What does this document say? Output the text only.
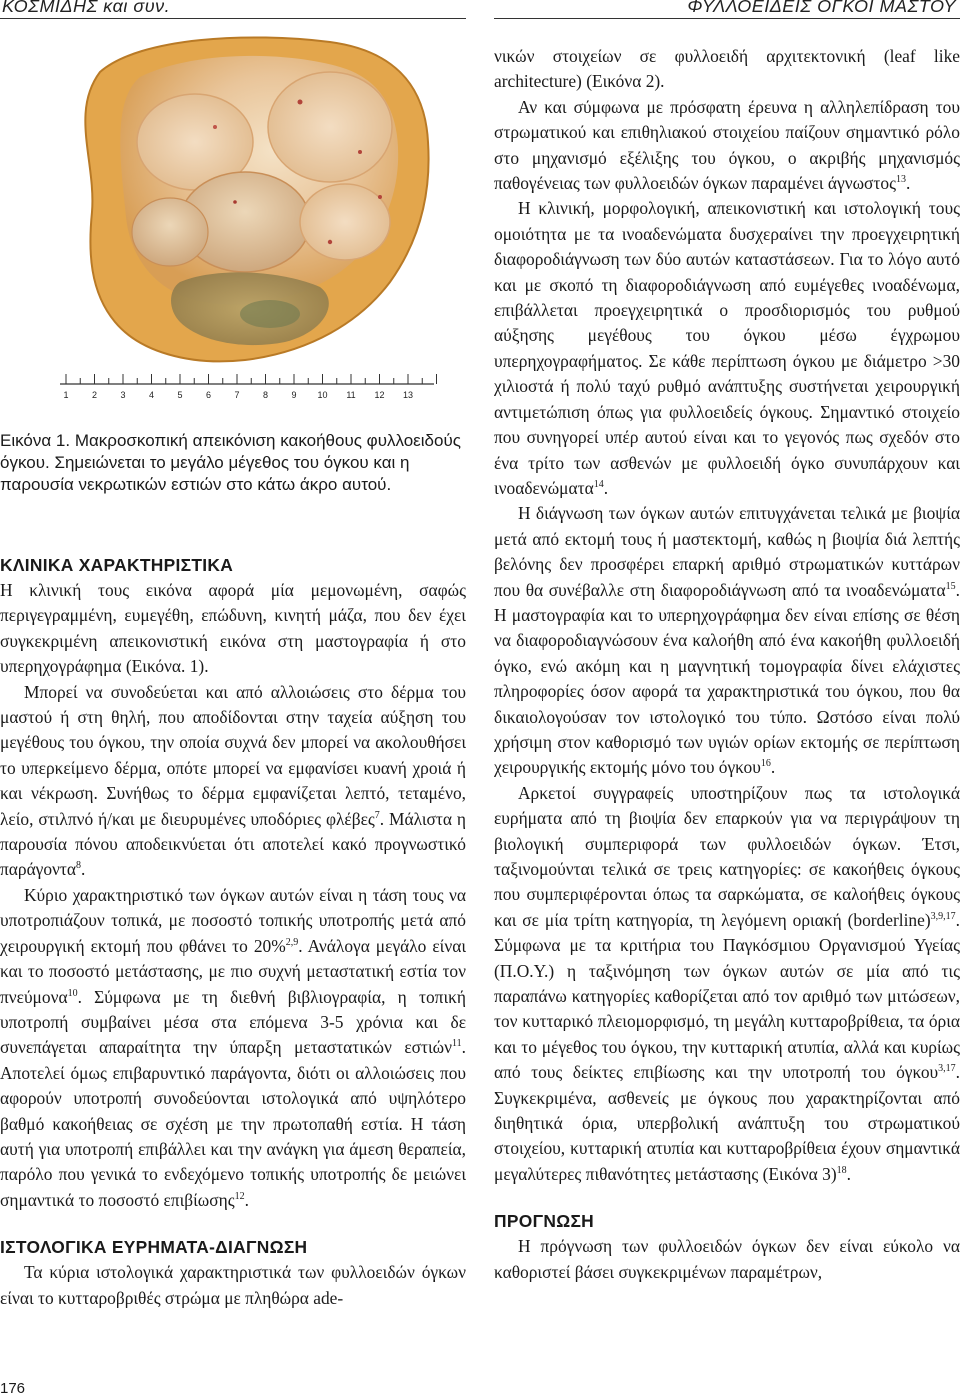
ΚΟΣΜΙΔΗΣ και συν.	ΦΥΛΛΟΕΙΔΕΙΣ ΟΓΚΟΙ ΜΑΣΤΟΥ
1	2	3	4	5	6	7	8	9 10 11 12 13
Εικόνα 1. Μακροσκοπική απεικόνιση κακοήθους φυλλοειδούς όγκου. Σημειώνεται το μεγάλο μέγεθος του όγκου και η παρουσία νεκρωτικών εστιών στο κάτω άκρο αυτού.
ΚΛΙΝΙΚΑ ΧΑΡΑΚΤΗΡΙΣΤΙΚΑ

Η κλινική τους εικόνα αφορά μία μεμονωμένη, σαφώς περιγεγραμμένη, ευμεγέθη, επώδυνη, κινητή μάζα, που δεν έχει συγκεκριμένη απεικονιστική εικόνα στη μαστογραφία ή στο υπερηχογράφημα (Εικόνα. 1).

Μπορεί να συνοδεύεται και από αλλοιώσεις στο δέρμα του μαστού ή στη θηλή, που αποδίδονται στην ταχεία αύξηση του μεγέθους του όγκου, την οποία συχνά δεν μπορεί να ακολουθήσει το υπερκείμενο δέρμα, οπότε μπορεί να εμφανίσει κυανή χροιά ή και νέκρωση. Συνήθως το δέρμα εμφανίζεται λεπτό, τεταμένο, λείο, στιλπνό ή/και με διευρυμένες υποδόριες φλέβες$^7$. Μάλιστα η παρουσία πόνου αποδεικνύεται ότι αποτελεί κακό προγνωστικό παράγοντα$^8$.

Κύριο χαρακτηριστικό των όγκων αυτών είναι η τάση τους να υποτροπιάζουν τοπικά, με ποσοστό τοπικής υποτροπής μετά από χειρουργική εκτομή που φθάνει το 20%$^{2,9}$. Ανάλογα μεγάλο είναι και το ποσοστό μετάστασης, με πιο συχνή μεταστατική εστία τον πνεύμονα$^{10}$. Σύμφωνα με τη διεθνή βιβλιογραφία, η τοπική υποτροπή συμβαίνει μέσα στα επόμενα 3-5 χρόνια και δε συνεπάγεται απαραίτητα την ύπαρξη μεταστατικών εστιών$^{11}$. Αποτελεί όμως επιβαρυντικό παράγοντα, διότι οι αλλοιώσεις που αφορούν υποτροπή συνοδεύονται ιστολογικά από υψηλότερο βαθμό κακοήθειας σε σχέση με την πρωτοπαθή εστία. Η τάση αυτή για υποτροπή επιβάλλει και την ανάγκη για άμεση θεραπεία, παρόλο που γενικά το ενδεχόμενο τοπικής υποτροπής δε μειώνει σημαντικά το ποσοστό επιβίωσης$^{12}$.

ΙΣΤΟΛΟΓΙΚΑ ΕΥΡΗΜΑΤΑ-ΔΙΑΓΝΩΣΗ

Τα κύρια ιστολογικά χαρακτηριστικά των φυλλοειδών όγκων είναι το κυτταροβριθές στρώμα με πληθώρα ade-

νικών στοιχείων σε φυλλοειδή αρχιτεκτονική (leaf like architecture) (Εικόνα 2).

Αν και σύμφωνα με πρόσφατη έρευνα η αλληλεπίδραση του στρωματικού και επιθηλιακού στοιχείου παίζουν σημαντικό ρόλο στο μηχανισμό εξέλιξης του όγκου, ο ακριβής μηχανισμός παθογένειας των φυλλοειδών όγκων παραμένει άγνωστος$^{13}$.

Η κλινική, μορφολογική, απεικονιστική και ιστολογική τους ομοιότητα με τα ινοαδενώματα δυσχεραίνει την προεγχειρητική διαφοροδιάγνωση των δύο αυτών καταστάσεων. Για το λόγο αυτό και με σκοπό τη διαφοροδιάγνωση από ευμέγεθες ινοαδένωμα, επιβάλλεται προεγχειρητικά ο προσδιορισμός του ρυθμού αύξησης μεγέθους του όγκου μέσω έγχρωμου υπερηχογραφήματος. Σε κάθε περίπτωση όγκου με διάμετρο >30 χιλιοστά ή πολύ ταχύ ρυθμό ανάπτυξης συστήνεται χειρουργική αντιμετώπιση όπως για φυλλοειδείς όγκους. Σημαντικό στοιχείο που συνηγορεί υπέρ αυτού είναι και το γεγονός πως σχεδόν στο ένα τρίτο των ασθενών με φυλλοειδή όγκο συνυπάρχουν και ινοαδενώματα$^{14}$.

Η διάγνωση των όγκων αυτών επιτυγχάνεται τελικά με βιοψία μετά από εκτομή τους ή μαστεκτομή, καθώς η βιοψία διά λεπτής βελόνης δεν προσφέρει επαρκή αριθμό στρωματικών κυττάρων που θα συνέβαλλε στη διαφοροδιάγνωση από τα ινοαδενώματα$^{15}$. Η μαστογραφία και το υπερηχογράφημα δεν είναι επίσης σε θέση να διαφοροδιαγνώσουν ένα καλοήθη από ένα κακοήθη φυλλοειδή όγκο, ενώ ακόμη και η μαγνητική τομογραφία δίνει ελάχιστες πληροφορίες όσον αφορά τα χαρακτηριστικά του όγκου, που θα δικαιολογούσαν τον ιστολογικό του τύπο. Ωστόσο είναι πολύ χρήσιμη στον καθορισμό των υγιών ορίων εκτομής σε περίπτωση χειρουργικής εκτομής μόνο του όγκου$^{16}$.

Αρκετοί συγγραφείς υποστηρίζουν πως τα ιστολογικά ευρήματα από τη βιοψία δεν επαρκούν για να περιγράψουν τη βιολογική συμπεριφορά των φυλλοειδών όγκων. Έτσι, ταξινομούνται τελικά σε τρεις κατηγορίες: σε κακοήθεις όγκους που συμπεριφέρονται όπως τα σαρκώματα, σε καλοήθεις όγκους και σε μία τρίτη κατηγορία, τη λεγόμενη οριακή (borderline)$^{3,9,17}$. Σύμφωνα με τα κριτήρια του Παγκόσμιου Οργανισμού Υγείας (Π.Ο.Υ.) η ταξινόμηση των όγκων αυτών σε μία από τις παραπάνω κατηγορίες καθορίζεται από τον αριθμό των μιτώσεων, τον κυτταρικό πλειομορφισμό, τη μεγάλη κυτταροβρίθεια, τα όρια και το μέγεθος του όγκου, την κυτταρική ατυπία, αλλά και κυρίως από τους δείκτες επιβίωσης και την υποτροπή του όγκου$^{3,17}$. Συγκεκριμένα, ασθενείς με όγκους που χαρακτηρίζονται από διηθητικά όρια, υπερβολική ανάπτυξη του στρωματικού στοιχείου, κυτταρική ατυπία και κυτταροβρίθεια έχουν σημαντικά μεγαλύτερες πιθανότητες μετάστασης (Εικόνα 3)$^{18}$.

ΠΡΟΓΝΩΣΗ

Η πρόγνωση των φυλλοειδών όγκων δεν είναι εύκολο να καθοριστεί βάσει συγκεκριμένων παραμέτρων,

176
